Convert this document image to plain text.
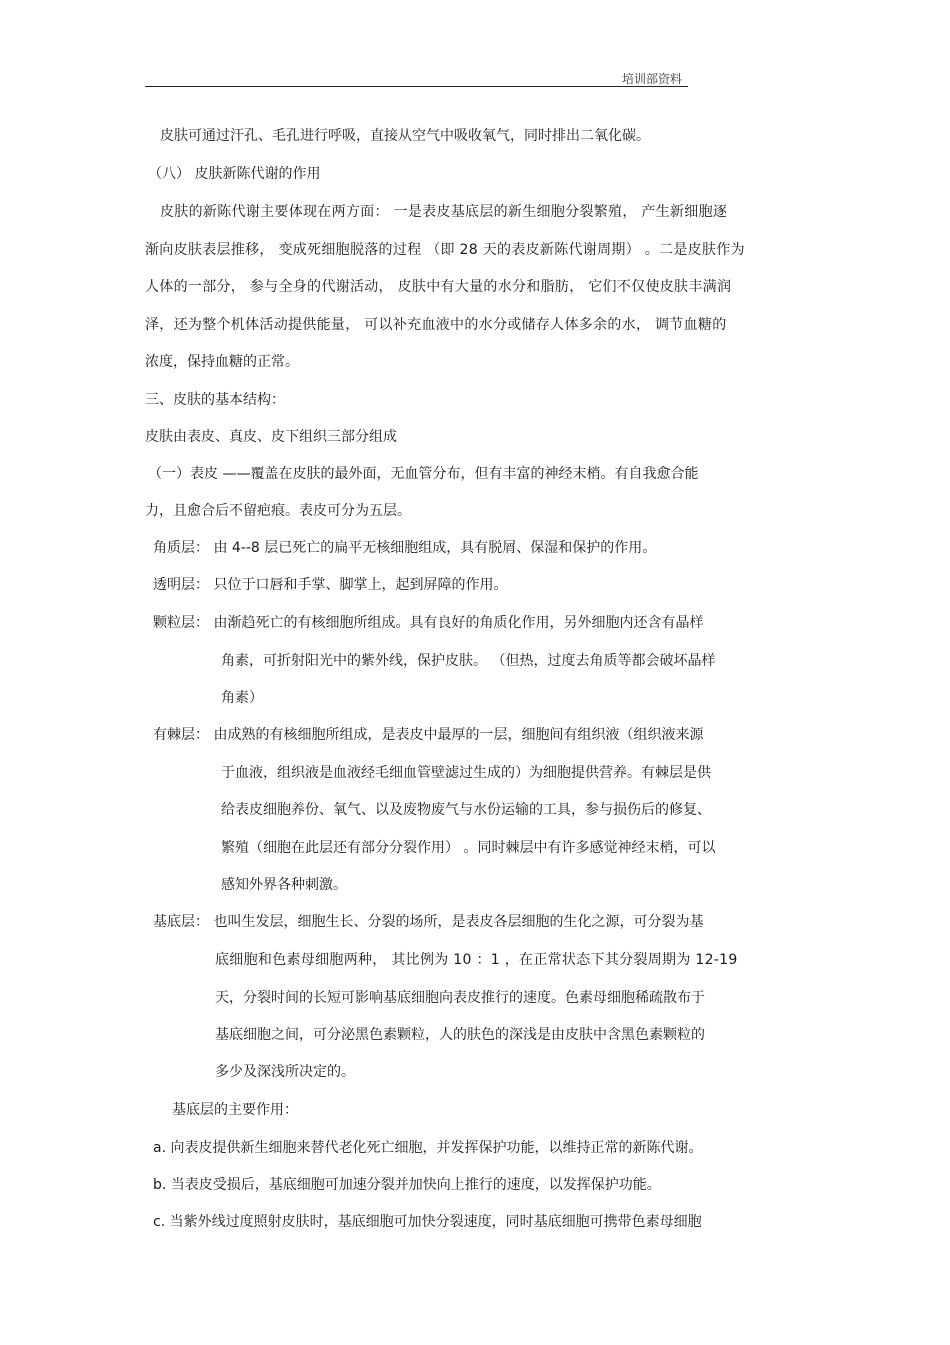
培训部资料
皮肤可通过汗孔、毛孔进行呼吸，直接从空气中吸收氧气，同时排出二氧化碳。
（八） 皮肤新陈代谢的作用
皮肤的新陈代谢主要体现在两方面： 一是表皮基底层的新生细胞分裂繁殖， 产生新细胞逐
渐向皮肤表层推移， 变成死细胞脱落的过程 （即 28 天的表皮新陈代谢周期） 。二是皮肤作为
人体的一部分， 参与全身的代谢活动， 皮肤中有大量的水分和脂肪， 它们不仅使皮肤丰满润
泽，还为整个机体活动提供能量， 可以补充血液中的水分或储存人体多余的水， 调节血糖的
浓度，保持血糖的正常。
三、皮肤的基本结构：
皮肤由表皮、真皮、皮下组织三部分组成
（一）表皮 ——覆盖在皮肤的最外面，无血管分布，但有丰富的神经末梢。有自我愈合能
力，且愈合后不留疤痕。表皮可分为五层。
角质层： 由 4--8 层已死亡的扁平无核细胞组成，具有脱屑、保湿和保护的作用。
透明层： 只位于口唇和手掌、脚掌上，起到屏障的作用。
颗粒层： 由渐趋死亡的有核细胞所组成。具有良好的角质化作用，另外细胞内还含有晶样
角素，可折射阳光中的紫外线，保护皮肤。 （但热，过度去角质等都会破坏晶样
角素）
有棘层： 由成熟的有核细胞所组成，是表皮中最厚的一层，细胞间有组织液（组织液来源
于血液，组织液是血液经毛细血管壁滤过生成的）为细胞提供营养。有棘层是供
给表皮细胞养份、氧气、以及废物废气与水份运输的工具，参与损伤后的修复、
繁殖（细胞在此层还有部分分裂作用） 。同时棘层中有许多感觉神经末梢，可以
感知外界各种刺激。
基底层： 也叫生发层，细胞生长、分裂的场所，是表皮各层细胞的生化之源，可分裂为基
底细胞和色素母细胞两种， 其比例为 10 ：1 ，在正常状态下其分裂周期为 12-19
天，分裂时间的长短可影响基底细胞向表皮推行的速度。色素母细胞稀疏散布于
基底细胞之间，可分泌黑色素颗粒，人的肤色的深浅是由皮肤中含黑色素颗粒的
多少及深浅所决定的。
基底层的主要作用：
a. 向表皮提供新生细胞来替代老化死亡细胞，并发挥保护功能，以维持正常的新陈代谢。
b. 当表皮受损后，基底细胞可加速分裂并加快向上推行的速度，以发挥保护功能。
c. 当紫外线过度照射皮肤时，基底细胞可加快分裂速度，同时基底细胞可携带色素母细胞
